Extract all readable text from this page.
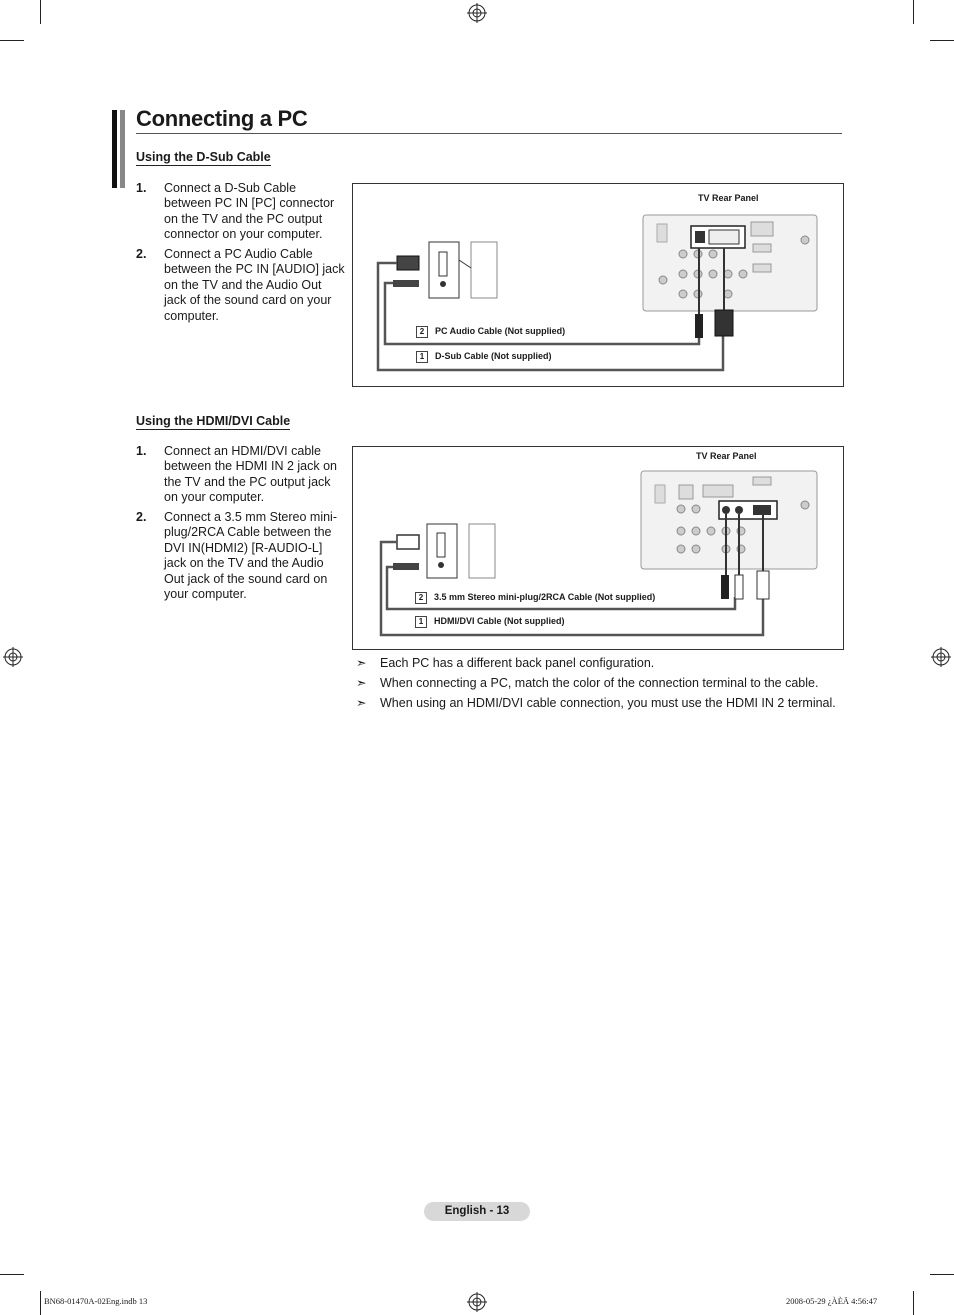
Connecting a PC
Using the D-Sub Cable
1. Connect a D-Sub Cable between PC IN [PC] connector on the TV and the PC output connector on your computer.
2. Connect a PC Audio Cable between the PC IN [AUDIO] jack on the TV and the Audio Out jack of the sound card on your computer.
TV Rear Panel
2	PC Audio Cable (Not supplied)
1	D-Sub Cable (Not supplied)
Using the HDMI/DVI Cable
1. Connect an HDMI/DVI cable between the HDMI IN 2 jack on the TV and the PC output jack on your computer.
2. Connect a 3.5 mm Stereo mini-plug/2RCA Cable between the DVI IN(HDMI2) [R-AUDIO-L] jack on the TV and the Audio Out jack of the sound card on your computer.
TV Rear Panel
2	3.5 mm Stereo mini-plug/2RCA Cable (Not supplied)
1	HDMI/DVI Cable (Not supplied)
➣	Each PC has a different back panel configuration.
➣	When connecting a PC, match the color of the connection terminal to the cable.
➣	When using an HDMI/DVI cable connection, you must use the HDMI IN 2 terminal.
English - 13
BN68-01470A-02Eng.indb 13	2008-05-29 ¿ÀÈÄ 4:56:47
